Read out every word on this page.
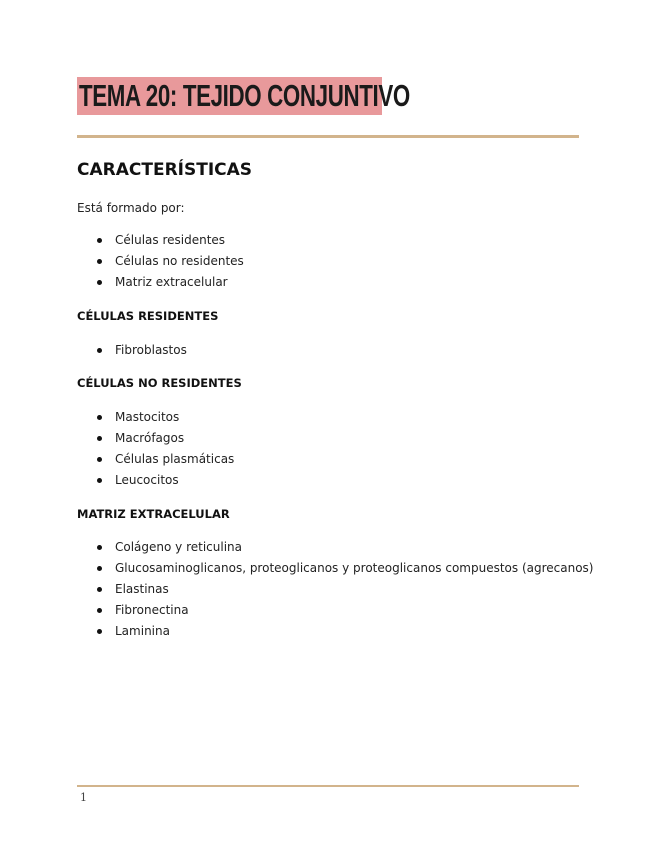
TEMA 20: TEJIDO CONJUNTIVO
CARACTERÍSTICAS
Está formado por:
Células residentes
Células no residentes
Matriz extracelular
CÉLULAS RESIDENTES
Fibroblastos
CÉLULAS NO RESIDENTES
Mastocitos
Macrófagos
Células plasmáticas
Leucocitos
MATRIZ EXTRACELULAR
Colágeno y reticulina
Glucosaminoglicanos, proteoglicanos y proteoglicanos compuestos (agrecanos)
Elastinas
Fibronectina
Laminina
1
